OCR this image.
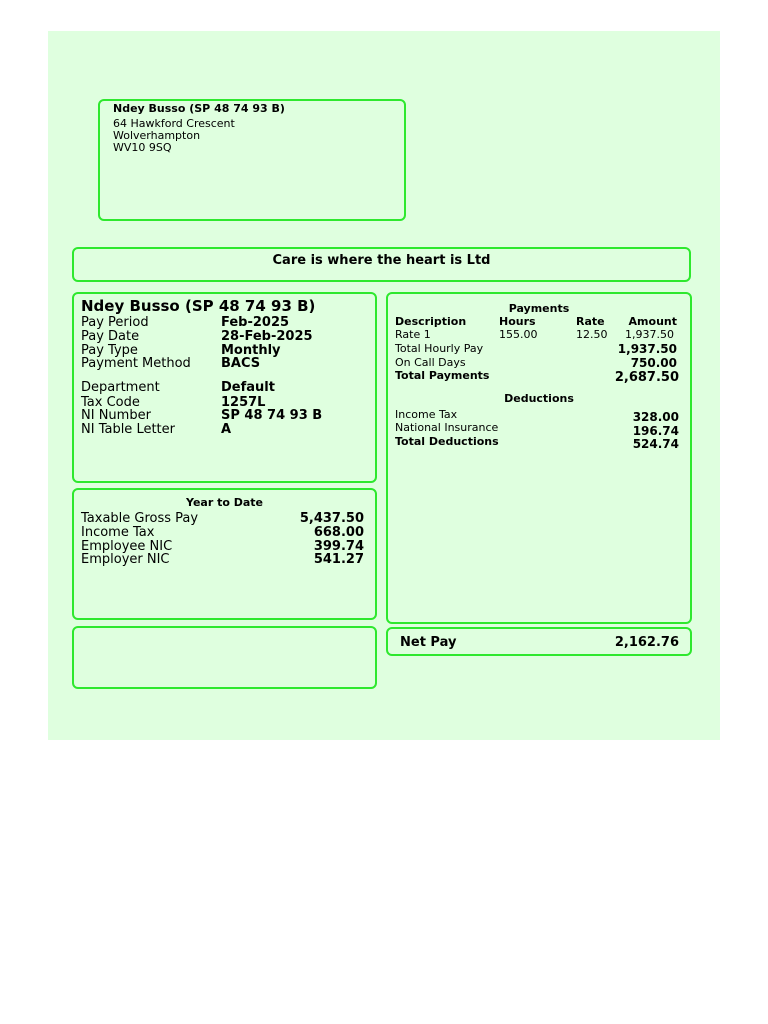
Ndey Busso (SP 48 74 93 B)
64 Hawkford Crescent
Wolverhampton
WV10 9SQ
Care is where the heart is Ltd
Ndey Busso (SP 48 74 93 B)
Pay Period	Feb-2025
Pay Date	28-Feb-2025
Pay Type	Monthly
Payment Method BACS
Department	Default
Tax Code	1257L
NI Number	SP 48 74 93 B
NI Table Letter	A
Year to Date
Taxable Gross Pay	5,437.50
Income Tax	668.00
Employee NIC	399.74
Employer NIC	541.27
Payments
Description	Hours	Rate Amount
Rate 1	155.00	12.50 1,937.50
Total Hourly Pay	1,937.50
On Call Days	750.00
Total Payments	2,687.50
Deductions
Income Tax	328.00
National Insurance	196.74
Total Deductions	524.74
Net Pay	2,162.76
